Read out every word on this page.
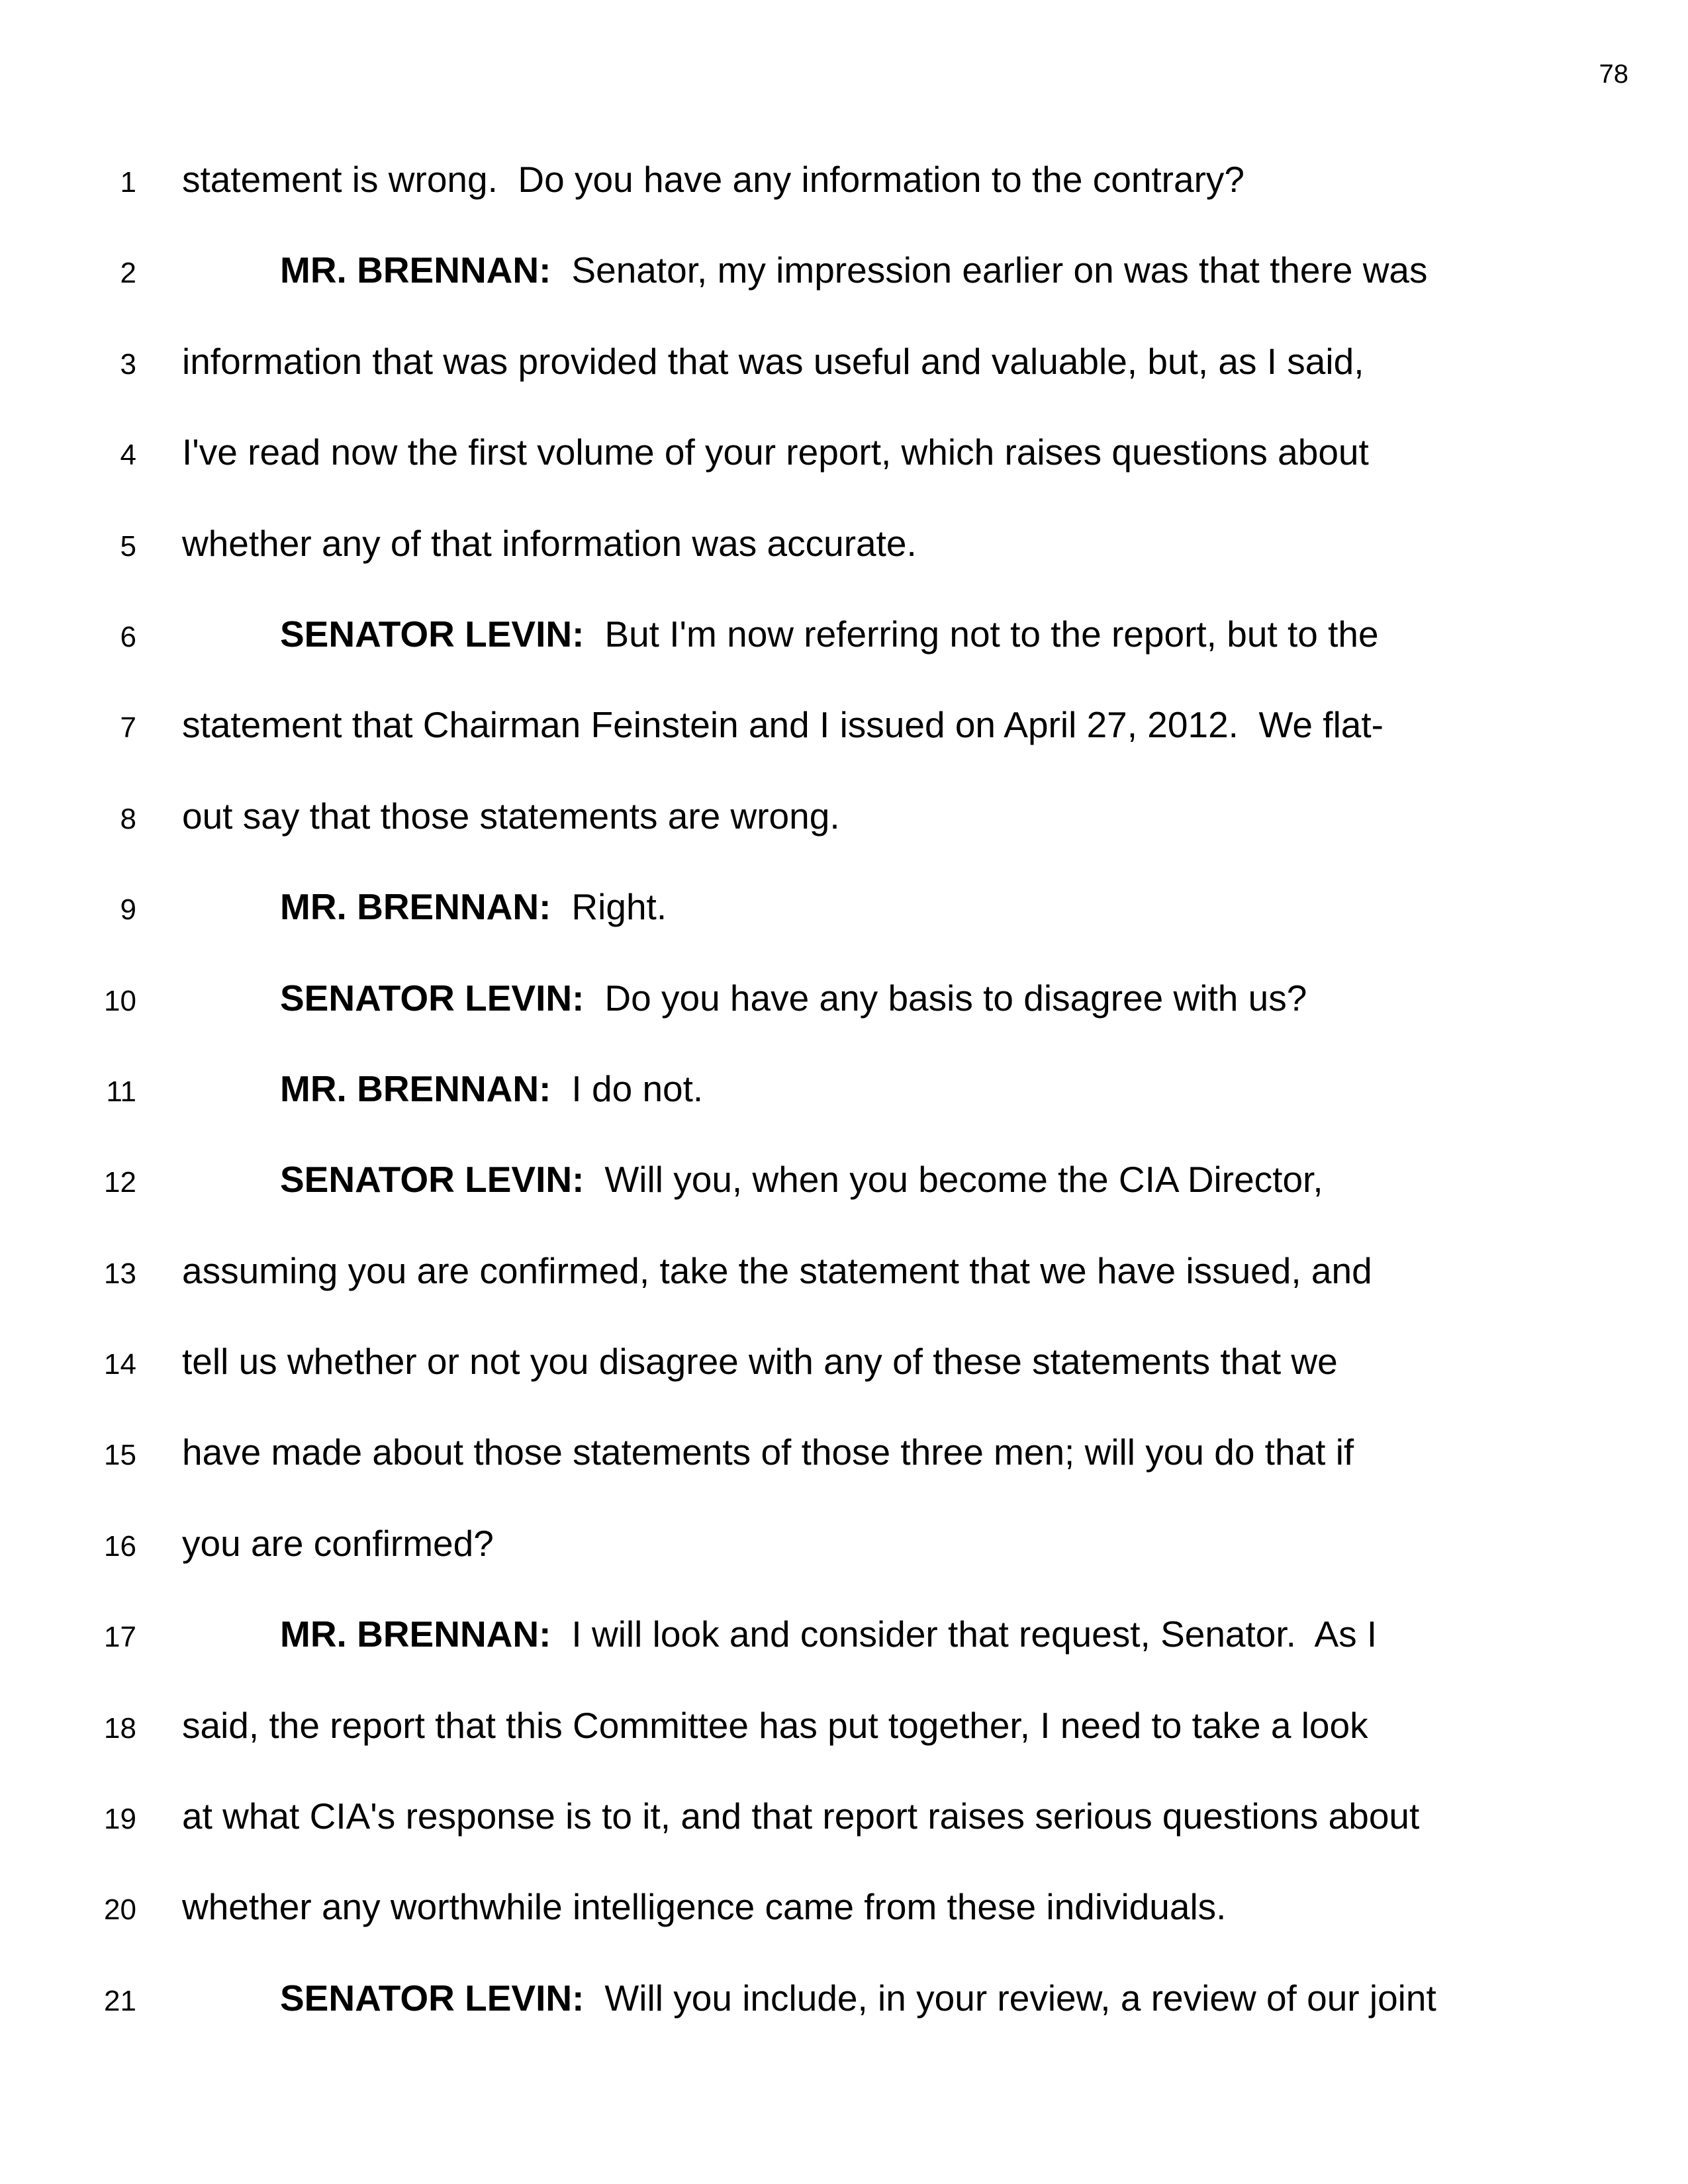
78
1 statement is wrong.  Do you have any information to the contrary?
2	MR. BRENNAN: Senator, my impression earlier on was that there was
3 information that was provided that was useful and valuable, but, as I said,
4 I've read now the first volume of your report, which raises questions about
5 whether any of that information was accurate.
6	SENATOR LEVIN: But I'm now referring not to the report, but to the
7 statement that Chairman Feinstein and I issued on April 27, 2012.  We flat-
8 out say that those statements are wrong.
9	MR. BRENNAN: Right.
10	SENATOR LEVIN: Do you have any basis to disagree with us?
11	MR. BRENNAN: I do not.
12	SENATOR LEVIN: Will you, when you become the CIA Director,
13 assuming you are confirmed, take the statement that we have issued, and
14 tell us whether or not you disagree with any of these statements that we
15 have made about those statements of those three men; will you do that if
16 you are confirmed?
17	MR. BRENNAN: I will look and consider that request, Senator.  As I
18 said, the report that this Committee has put together, I need to take a look
19 at what CIA's response is to it, and that report raises serious questions about
20 whether any worthwhile intelligence came from these individuals.
21	SENATOR LEVIN: Will you include, in your review, a review of our joint
